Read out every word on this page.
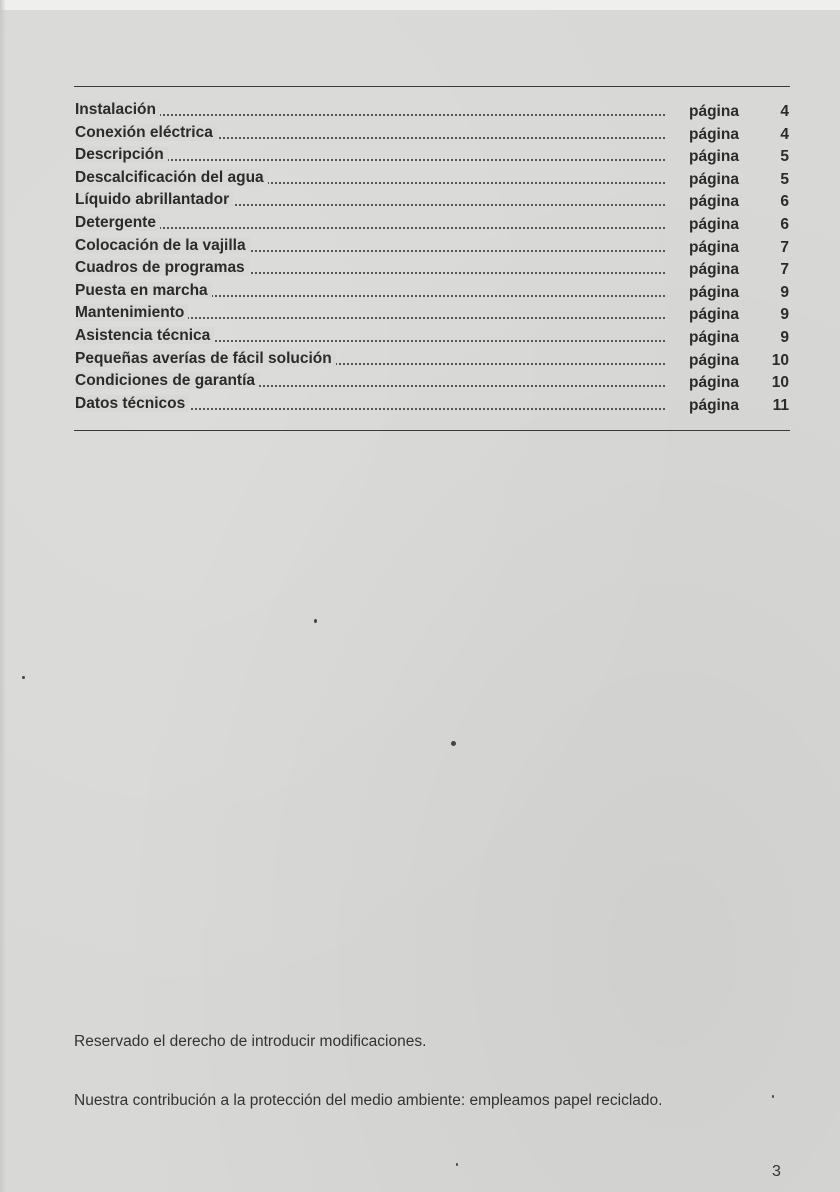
Instalación	página	4
Conexión eléctrica	página	4
Descripción	página	5
Descalcificación del agua	página	5
Líquido abrillantador	página	6
Detergente	página	6
Colocación de la vajilla	página	7
Cuadros de programas	página	7
Puesta en marcha	página	9
Mantenimiento	página	9
Asistencia técnica	página	9
Pequeñas averías de fácil solución	página	10
Condiciones de garantía	página	10
Datos técnicos	página	11
Reservado el derecho de introducir modificaciones.
Nuestra contribución a la protección del medio ambiente: empleamos papel reciclado.
3
